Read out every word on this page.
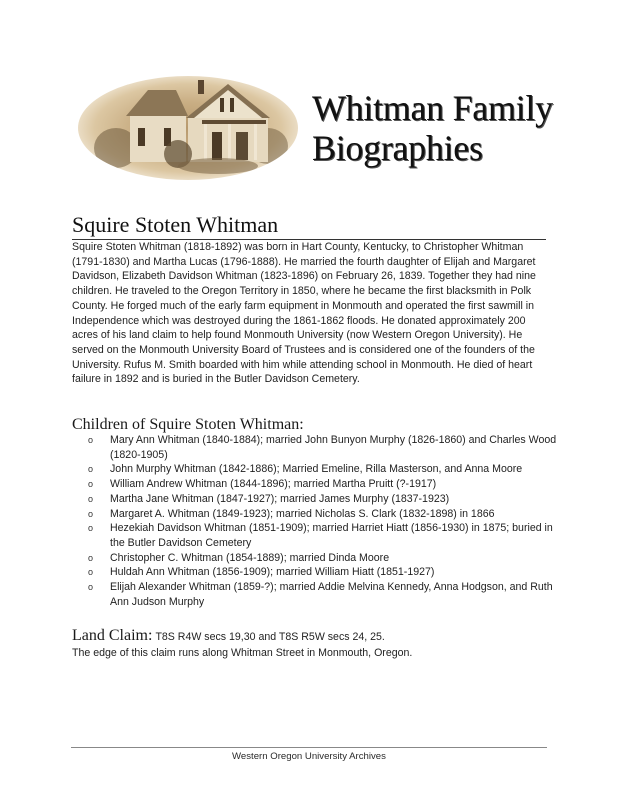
Whitman Family
Biographies
Squire Stoten Whitman
Squire Stoten Whitman (1818-1892) was born in Hart County, Kentucky, to Christopher Whitman (1791-1830) and Martha Lucas (1796-1888). He married the fourth daughter of Elijah and Margaret Davidson, Elizabeth Davidson Whitman (1823-1896) on February 26, 1839. Together they had nine children. He traveled to the Oregon Territory in 1850, where he became the first blacksmith in Polk County. He forged much of the early farm equipment in Monmouth and operated the first sawmill in Independence which was destroyed during the 1861-1862 floods. He donated approximately 200 acres of his land claim to help found Monmouth University (now Western Oregon University). He served on the Monmouth University Board of Trustees and is considered one of the founders of the University. Rufus M. Smith boarded with him while attending school in Monmouth. He died of heart failure in 1892 and is buried in the Butler Davidson Cemetery.
Children of Squire Stoten Whitman:
o Mary Ann Whitman (1840-1884); married John Bunyon Murphy (1826-1860) and Charles Wood (1820-1905)
o John Murphy Whitman (1842-1886); Married Emeline, Rilla Masterson, and Anna Moore
o William Andrew Whitman (1844-1896); married Martha Pruitt (?-1917)
o Martha Jane Whitman (1847-1927); married James Murphy (1837-1923)
o Margaret A. Whitman (1849-1923); married Nicholas S. Clark (1832-1898) in 1866
o Hezekiah Davidson Whitman (1851-1909); married Harriet Hiatt (1856-1930) in 1875; buried in the Butler Davidson Cemetery
o Christopher C. Whitman (1854-1889); married Dinda Moore
o Huldah Ann Whitman (1856-1909); married William Hiatt (1851-1927)
o Elijah Alexander Whitman (1859-?); married Addie Melvina Kennedy, Anna Hodgson, and Ruth Ann Judson Murphy
Land Claim: T8S R4W secs 19,30 and T8S R5W secs 24, 25.
The edge of this claim runs along Whitman Street in Monmouth, Oregon.
Western Oregon University Archives
